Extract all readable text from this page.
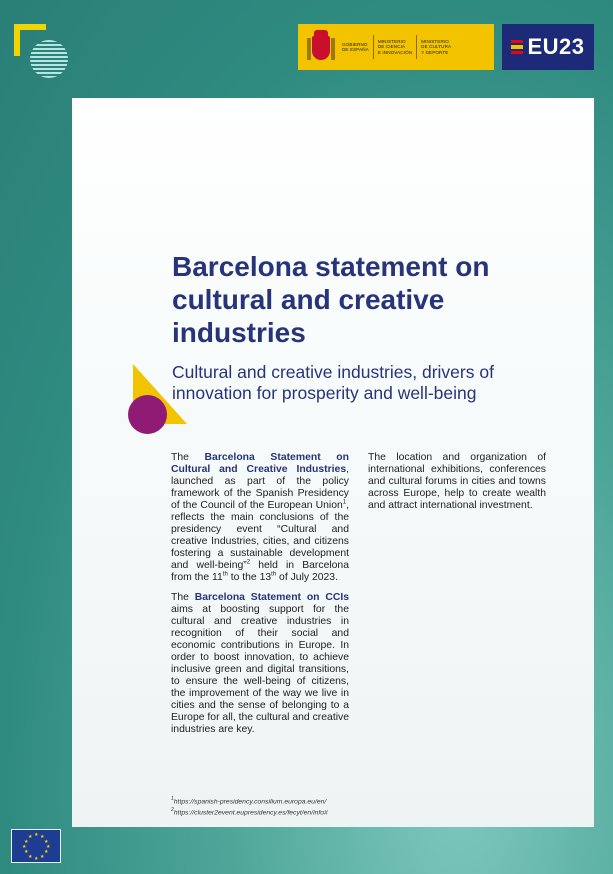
GOBIERNO
DE ESPAÑA
MINISTERIO
DE CIENCIA
E INNOVACIÓN
MINISTERIO
DE CULTURA
Y DEPORTE	EU23
Barcelona statement on cultural and creative industries
Cultural and creative industries, drivers of innovation for prosperity and well-being

The Barcelona Statement on Cultural and Creative Industries, launched as part of the policy framework of the Spanish Presidency of the Council of the European Union$^1$, reflects the main conclusions of the presidency event “Cultural and creative Industries, cities, and citizens fostering a sustainable development and well-being”$^2$ held in Barcelona from the 11th to the 13th of July 2023.

The Barcelona Statement on CCIs aims at boosting support for the cultural and creative industries in recognition of their social and economic contributions in Europe. In order to boost innovation, to achieve inclusive green and digital transitions, to ensure the well-being of citizens, the improvement of the way we live in cities and the sense of belonging to a Europe for all, the cultural and creative industries are key.

The location and organization of international exhibitions, conferences and cultural forums in cities and towns across Europe, help to create wealth and attract international investment.

$^1$https://spanish-presidency.consilium.europa.eu/en/
$^2$https://cluster2event.eupresidency.es/fecyt/en/info#
★ ★
★
★
★
★
★
★
★
★
★
★
